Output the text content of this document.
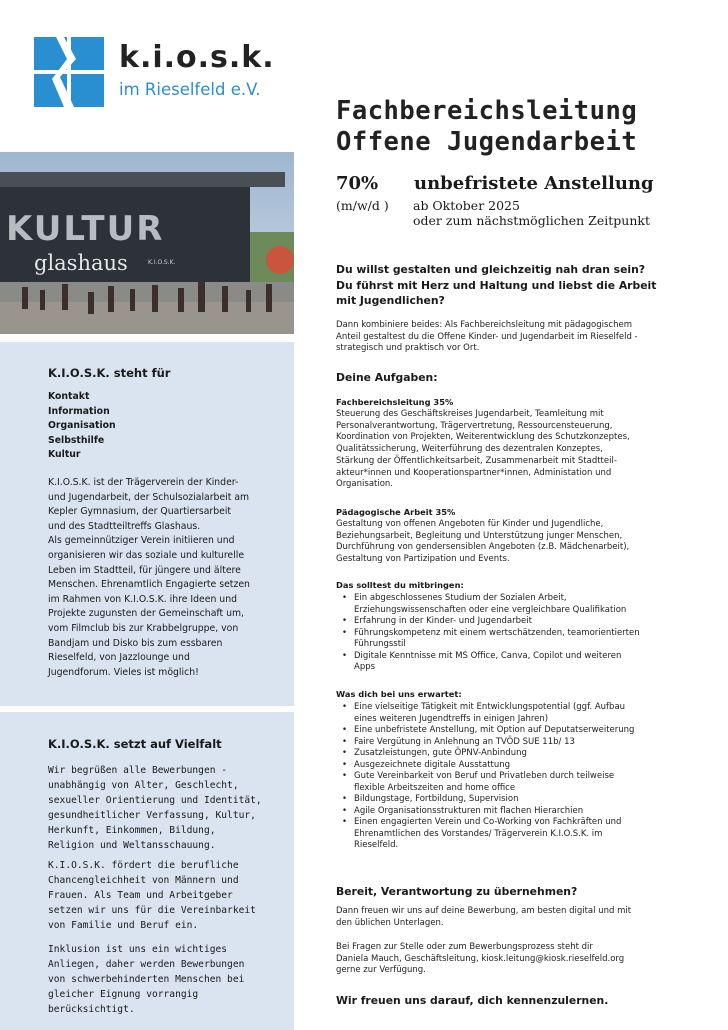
k.i.o.s.k.
im Rieselfeld e.V.
Fachbereichsleitung
Offene Jugendarbeit
70% unbefristete Anstellung
(m/w/d ) ab Oktober 2025
oder zum nächstmöglichen Zeitpunkt
KULTUR
glashaus	K.I.O.S.K.
K.I.O.S.K. steht für
Kontakt
Information
Organisation
Selbsthilfe
Kultur
K.I.O.S.K. ist der Trägerverein der Kinder-
und Jugendarbeit, der Schulsozialarbeit am
Kepler Gymnasium, der Quartiersarbeit
und des Stadtteiltreffs Glashaus.
Als gemeinnütziger Verein initiieren und
organisieren wir das soziale und kulturelle
Leben im Stadtteil, für jüngere und ältere
Menschen. Ehrenamtlich Engagierte setzen
im Rahmen von K.I.O.S.K. ihre Ideen und
Projekte zugunsten der Gemeinschaft um,
vom Filmclub bis zur Krabbelgruppe, von
Bandjam und Disko bis zum essbaren
Rieselfeld, von Jazzlounge und
Jugendforum. Vieles ist möglich!
K.I.O.S.K. setzt auf Vielfalt
Wir begrüßen alle Bewerbungen -
unabhängig von Alter, Geschlecht,
sexueller Orientierung und Identität,
gesundheitlicher Verfassung, Kultur,
Herkunft, Einkommen, Bildung,
Religion und Weltansschauung.
K.I.O.S.K. fördert die berufliche
Chancengleichheit von Männern und
Frauen. Als Team und Arbeitgeber
setzen wir uns für die Vereinbarkeit
von Familie und Beruf ein.
Inklusion ist uns ein wichtiges
Anliegen, daher werden Bewerbungen
von schwerbehinderten Menschen bei
gleicher Eignung vorrangig
berücksichtigt.
Du willst gestalten und gleichzeitig nah dran sein?
Du führst mit Herz und Haltung und liebst die Arbeit
mit Jugendlichen?
Dann kombiniere beides: Als Fachbereichsleitung mit pädagogischem
Anteil gestaltest du die Offene Kinder- und Jugendarbeit im Rieselfeld -
strategisch und praktisch vor Ort.
Deine Aufgaben:
Fachbereichsleitung 35%
Steuerung des Geschäftskreises Jugendarbeit, Teamleitung mit
Personalverantwortung, Trägervertretung, Ressourcensteuerung,
Koordination von Projekten, Weiterentwicklung des Schutzkonzeptes,
Qualitätssicherung, Weiterführung des dezentralen Konzeptes,
Stärkung der Öffentlichkeitsarbeit, Zusammenarbeit mit Stadtteil-
akteur*innen und Kooperationspartner*innen, Administation und
Organisation.
Pädagogische Arbeit 35%
Gestaltung von offenen Angeboten für Kinder und Jugendliche,
Beziehungsarbeit, Begleitung und Unterstützung junger Menschen,
Durchführung von gendersensiblen Angeboten (z.B. Mädchenarbeit),
Gestaltung von Partizipation und Events.
Das solltest du mitbringen:
• Ein abgeschlossenes Studium der Sozialen Arbeit,
Erziehungswissenschaften oder eine vergleichbare Qualifikation
• Erfahrung in der Kinder- und Jugendarbeit
• Führungskompetenz mit einem wertschätzenden, teamorientierten
Führungsstil
• Digitale Kenntnisse mit MS Office, Canva, Copilot und weiteren
Apps
Was dich bei uns erwartet:
• Eine vielseitige Tätigkeit mit Entwicklungspotential (ggf. Aufbau
eines weiteren Jugendtreffs in einigen Jahren)
• Eine unbefristete Anstellung, mit Option auf Deputatserweiterung
• Faire Vergütung in Anlehnung an TVÖD SUE 11b/ 13
• Zusatzleistungen, gute ÖPNV-Anbindung
• Ausgezeichnete digitale Ausstattung
• Gute Vereinbarkeit von Beruf und Privatleben durch teilweise
flexible Arbeitszeiten and home office
• Bildungstage, Fortbildung, Supervision
• Agile Organisationsstrukturen mit flachen Hierarchien
• Einen engagierten Verein und Co-Working von Fachkräften und
Ehrenamtlichen des Vorstandes/ Trägerverein K.I.O.S.K. im
Rieselfeld.
Bereit, Verantwortung zu übernehmen?
Dann freuen wir uns auf deine Bewerbung, am besten digital und mit
den üblichen Unterlagen.
Bei Fragen zur Stelle oder zum Bewerbungsprozess steht dir
Daniela Mauch, Geschäftsleitung, kiosk.leitung@kiosk.rieselfeld.org
gerne zur Verfügung.
Wir freuen uns darauf, dich kennenzulernen.
